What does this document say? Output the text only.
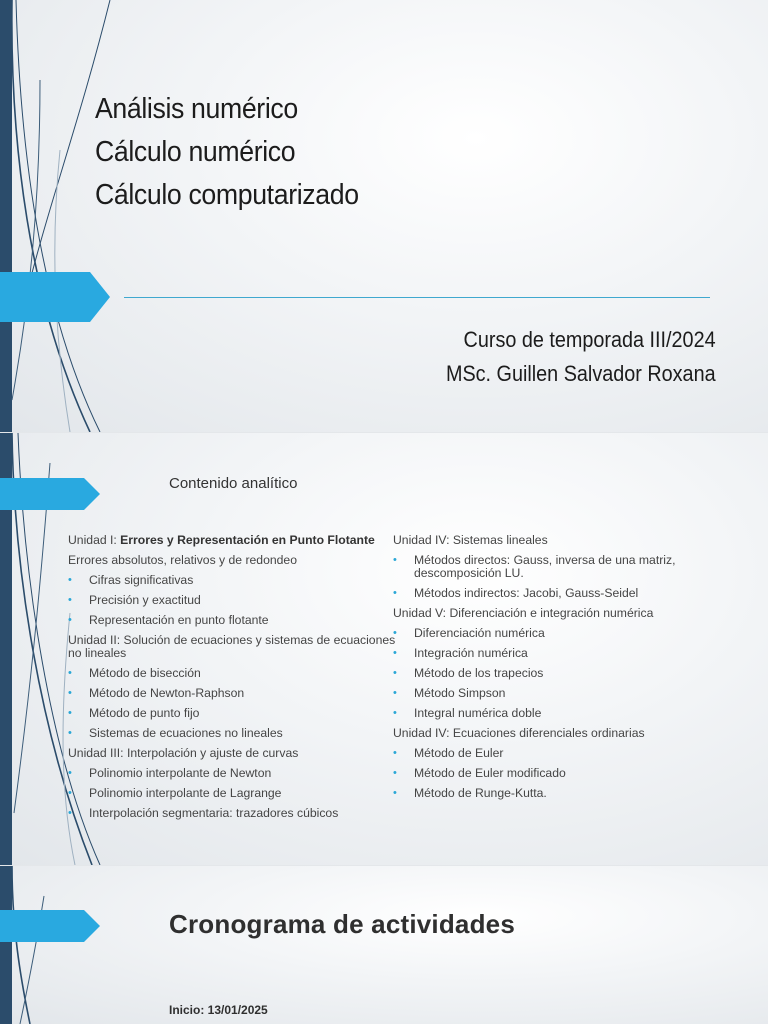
Análisis numérico
Cálculo numérico
Cálculo computarizado
Curso de temporada III/2024
MSc. Guillen Salvador Roxana
Contenido analítico
Unidad I: Errores y Representación en Punto Flotante
Errores absolutos, relativos y de redondeo
• Cifras significativas
• Precisión y exactitud
• Representación en punto flotante
Unidad II: Solución de ecuaciones y sistemas de ecuaciones no lineales
• Método de bisección
• Método de Newton-Raphson
• Método de punto fijo
• Sistemas de ecuaciones no lineales
Unidad III: Interpolación y ajuste de curvas
• Polinomio interpolante de Newton
• Polinomio interpolante de Lagrange
• Interpolación segmentaria: trazadores cúbicos
Unidad IV: Sistemas lineales
• Métodos directos: Gauss, inversa de una matriz, descomposición LU.
• Métodos indirectos: Jacobi, Gauss-Seidel
Unidad V: Diferenciación e integración numérica
• Diferenciación numérica
• Integración numérica
• Método de los trapecios
• Método Simpson
• Integral numérica doble
Unidad IV: Ecuaciones diferenciales ordinarias
• Método de Euler
• Método de Euler modificado
• Método de Runge-Kutta.
Cronograma de actividades
Inicio: 13/01/2025
